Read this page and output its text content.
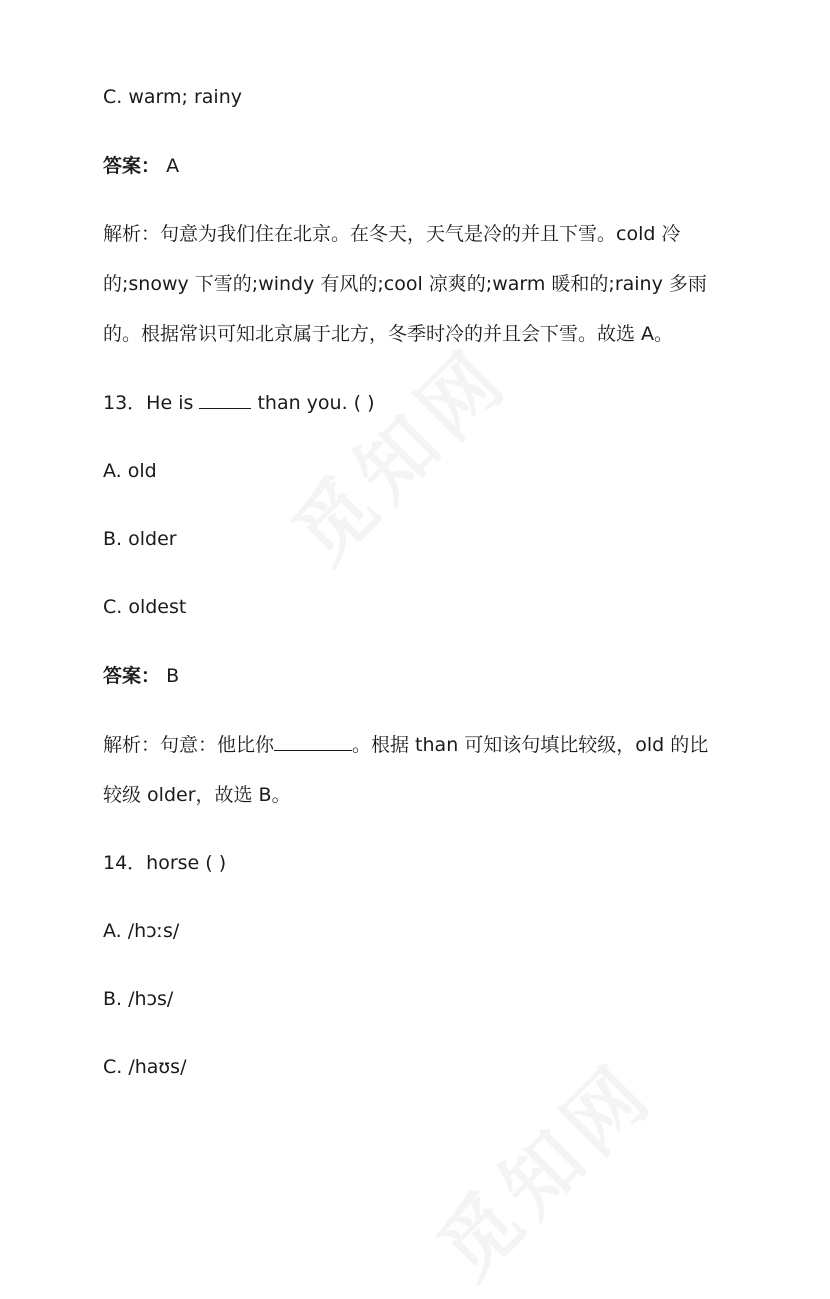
C. warm; rainy
答案： A
解析：句意为我们住在北京。在冬天，天气是冷的并且下雪。cold 冷
的;snowy 下雪的;windy 有风的;cool 凉爽的;warm 暖和的;rainy 多雨
的。根据常识可知北京属于北方，冬季时冷的并且会下雪。故选 A。
13．He is	than you. ( )
A. old
B. older
C. oldest
答案： B
解析：句意：他比你	。根据 than 可知该句填比较级，old 的比
较级 older，故选 B。
14．horse ( )
A. /hɔːs/
B. /hɔs/
C. /haʊs/
